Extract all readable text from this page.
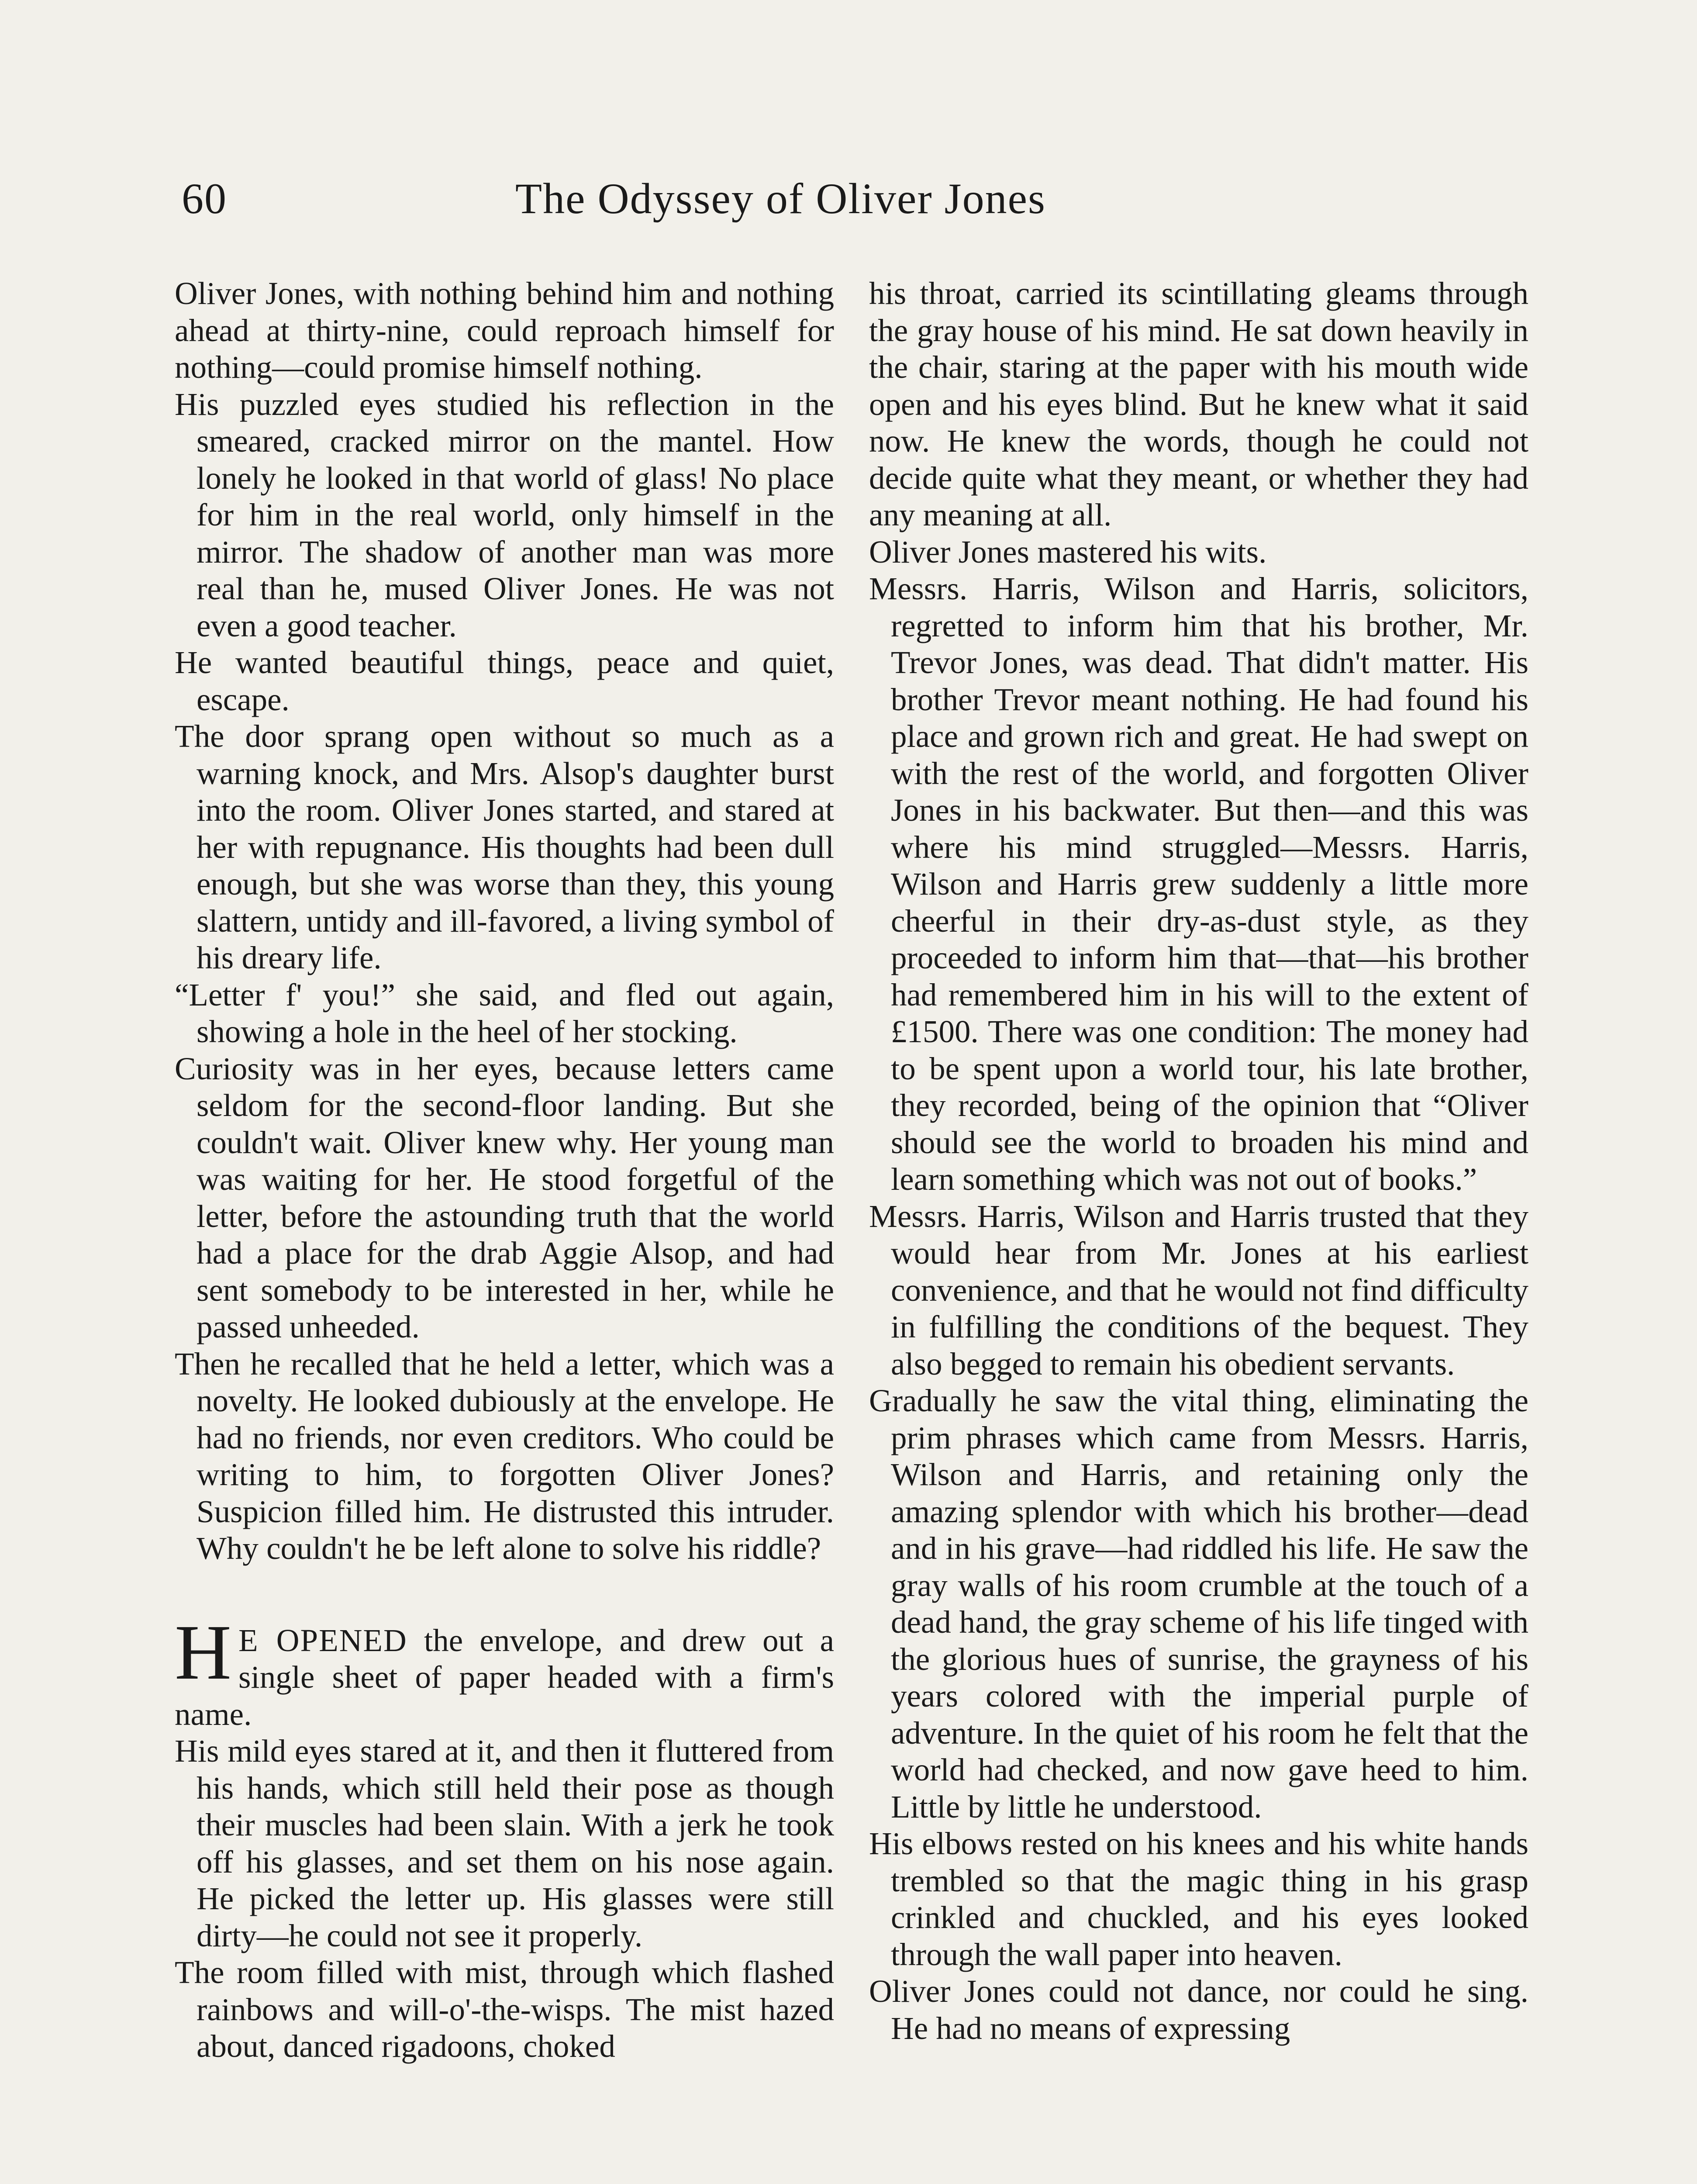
60	The Odyssey of Oliver Jones

Oliver Jones, with nothing behind him and nothing ahead at thirty-nine, could reproach himself for nothing—could promise himself nothing.

His puzzled eyes studied his reflection in the smeared, cracked mirror on the mantel. How lonely he looked in that world of glass! No place for him in the real world, only himself in the mirror. The shadow of another man was more real than he, mused Oliver Jones. He was not even a good teacher.

He wanted beautiful things, peace and quiet, escape.

The door sprang open without so much as a warning knock, and Mrs. Alsop's daughter burst into the room. Oliver Jones started, and stared at her with repugnance. His thoughts had been dull enough, but she was worse than they, this young slattern, untidy and ill-favored, a living symbol of his dreary life.

“Letter f' you!” she said, and fled out again, showing a hole in the heel of her stocking.

Curiosity was in her eyes, because letters came seldom for the second-floor landing. But she couldn't wait. Oliver knew why. Her young man was waiting for her. He stood forgetful of the letter, before the astounding truth that the world had a place for the drab Aggie Alsop, and had sent somebody to be interested in her, while he passed unheeded.

Then he recalled that he held a letter, which was a novelty. He looked dubiously at the envelope. He had no friends, nor even creditors. Who could be writing to him, to forgotten Oliver Jones? Suspicion filled him. He distrusted this intruder. Why couldn't he be left alone to solve his riddle?

H E OPENED the envelope, and drew out a single sheet of paper headed with a firm's name.

His mild eyes stared at it, and then it fluttered from his hands, which still held their pose as though their muscles had been slain. With a jerk he took off his glasses, and set them on his nose again. He picked the letter up. His glasses were still dirty—he could not see it properly.

The room filled with mist, through which flashed rainbows and will-o'-the-wisps. The mist hazed about, danced rigadoons, choked

his throat, carried its scintillating gleams through the gray house of his mind. He sat down heavily in the chair, staring at the paper with his mouth wide open and his eyes blind. But he knew what it said now. He knew the words, though he could not decide quite what they meant, or whether they had any meaning at all.

Oliver Jones mastered his wits.

Messrs. Harris, Wilson and Harris, solicitors, regretted to inform him that his brother, Mr. Trevor Jones, was dead. That didn't matter. His brother Trevor meant nothing. He had found his place and grown rich and great. He had swept on with the rest of the world, and forgotten Oliver Jones in his backwater. But then—and this was where his mind struggled—Messrs. Harris, Wilson and Harris grew suddenly a little more cheerful in their dry-as-dust style, as they proceeded to inform him that—that—his brother had remembered him in his will to the extent of £1500. There was one condition: The money had to be spent upon a world tour, his late brother, they recorded, being of the opinion that “Oliver should see the world to broaden his mind and learn something which was not out of books.”

Messrs. Harris, Wilson and Harris trusted that they would hear from Mr. Jones at his earliest convenience, and that he would not find difficulty in fulfilling the conditions of the bequest. They also begged to remain his obedient servants.

Gradually he saw the vital thing, eliminating the prim phrases which came from Messrs. Harris, Wilson and Harris, and retaining only the amazing splendor with which his brother—dead and in his grave—had riddled his life. He saw the gray walls of his room crumble at the touch of a dead hand, the gray scheme of his life tinged with the glorious hues of sunrise, the grayness of his years colored with the imperial purple of adventure. In the quiet of his room he felt that the world had checked, and now gave heed to him. Little by little he understood.

His elbows rested on his knees and his white hands trembled so that the magic thing in his grasp crinkled and chuckled, and his eyes looked through the wall paper into heaven.

Oliver Jones could not dance, nor could he sing. He had no means of expressing
